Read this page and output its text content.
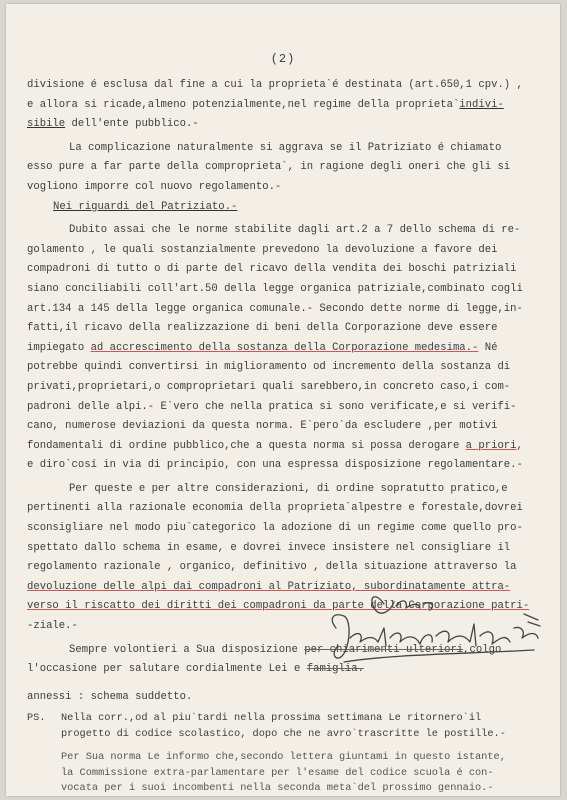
(2)
divisione é esclusa dal fine a cui la proprieta`é destinata (art.650,1 cpv.) ,
e allora si ricade,almeno potenzialmente,nel regime della proprieta`indivi-
sibile dell'ente pubblico.-
La complicazione naturalmente si aggrava se il Patriziato é chiamato
esso pure a far parte della comproprieta`, in ragione degli oneri che gli si
vogliono imporre col nuovo regolamento.-
Nei riguardi del Patriziato.-
Dubito assai che le norme stabilite dagli art.2 a 7 dello schema di re-
golamento , le quali sostanzialmente prevedono la devoluzione a favore dei
compadroni di tutto o di parte del ricavo della vendita dei boschi patriziali
siano conciliabili coll'art.50 della legge organica patriziale,combinato cogli
art.134 a 145 della legge organica comunale.- Secondo dette norme di legge,in-
fatti,il ricavo della realizzazione di beni della Corporazione deve essere
impiegato ad accrescimento della sostanza della Corporazione medesima.- Né
potrebbe quindi convertirsi in miglioramento od incremento della sostanza di
privati,proprietari,o comproprietari quali sarebbero,in concreto caso,i com-
padroni delle alpi.- E`vero che nella pratica si sono verificate,e si verifi-
cano, numerose deviazioni da questa norma. E`pero`da escludere ,per motivi
fondamentali di ordine pubblico,che a questa norma si possa derogare a priori,
e diro`cosí in via di principio, con una espressa disposizione regolamentare.-
Per queste e per altre considerazioni, di ordine sopratutto pratico,e
pertinenti alla razionale economia della proprieta`alpestre e forestale,dovrei
sconsigliare nel modo piu`categorico la adozione di un regime come quello pro-
spettato dallo schema in esame, e dovrei invece insistere nel consigliare il
regolamento razionale , organico, definitivo , della situazione attraverso la
devoluzione delle alpi dai compadroni al Patriziato, subordinatamente attra-
verso il riscatto dei diritti dei compadroni da parte della Corporazione patri-
-ziale.-
Sempre volontieri a Sua disposizione per chiarimenti ulteriori,colgo
l'occasione per salutare cordialmente Lei e famiglia.
annessi : schema suddetto.
PS. Nella corr.,od al piu`tardi nella prossima settimana Le ritornero`il
progetto di codice scolastico, dopo che ne avro`trascritte le postille.-
Per Sua norma Le informo che,secondo lettera giuntami in questo istante,
la Commissione extra-parlamentare per l'esame del codice scuola é con-
vocata per i suoi incombenti nella seconda meta`del prossimo gennaio.-
